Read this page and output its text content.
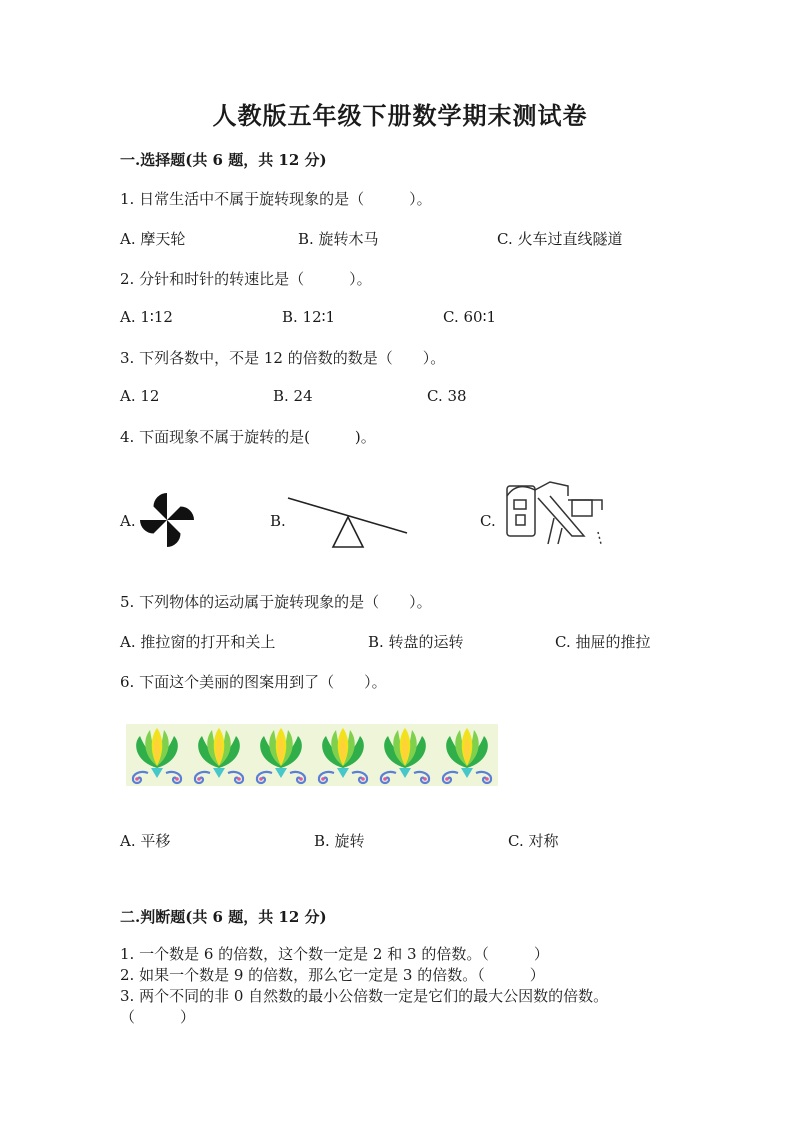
人教版五年级下册数学期末测试卷
一.选择题(共 6 题，共 12 分)
1. 日常生活中不属于旋转现象的是（　　　）。
A. 摩天轮	B. 旋转木马	C. 火车过直线隧道
2. 分针和时针的转速比是（　　　）。
A. 1∶12	B. 12∶1	C. 60∶1
3. 下列各数中，不是 12 的倍数的数是（　　）。
A. 12	B. 24	C. 38
4. 下面现象不属于旋转的是(　　　)。
A.	B.	C.
5. 下列物体的运动属于旋转现象的是（　　）。
A. 推拉窗的打开和关上	B. 转盘的运转	C. 抽屉的推拉
6. 下面这个美丽的图案用到了（　　）。
A. 平移	B. 旋转	C. 对称
二.判断题(共 6 题，共 12 分)
1. 一个数是 6 的倍数，这个数一定是 2 和 3 的倍数。（　　　）
2. 如果一个数是 9 的倍数，那么它一定是 3 的倍数。（　　　）
3. 两个不同的非 0 自然数的最小公倍数一定是它们的最大公因数的倍数。
（　　　）
